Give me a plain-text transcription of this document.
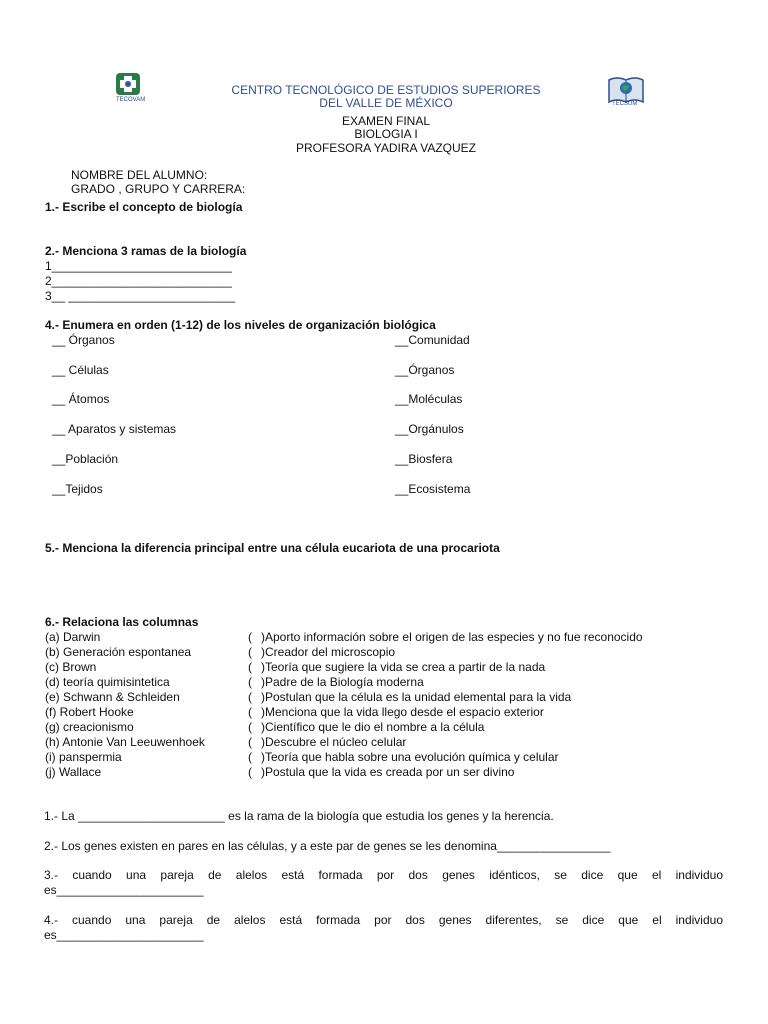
TECOVAM
TECSUM
CENTRO TECNOLÓGICO DE ESTUDIOS SUPERIORES
DEL VALLE DE MÉXICO
EXAMEN FINAL
BIOLOGIA I
PROFESORA YADIRA VAZQUEZ
NOMBRE DEL ALUMNO:
GRADO , GRUPO Y CARRERA:
1.- Escribe el concepto de biología
2.- Menciona 3 ramas de la biología
1___________________________
2___________________________
3__ _________________________
4.- Enumera en orden (1-12) de los niveles de organización biológica
__ Órganos
__ Células
__ Átomos
__ Aparatos y sistemas
__Población
__Tejidos
__Comunidad
__Órganos
__Moléculas
__Orgánulos
__Biosfera
__Ecosistema
5.- Menciona la diferencia principal entre una célula eucariota de una procariota
6.- Relaciona las columnas
(a) Darwin
(b) Generación espontanea
(c) Brown
(d) teoría quimisintetica
(e) Schwann & Schleiden
(f) Robert Hooke
(g) creacionismo
(h) Antonie Van Leeuwenhoek
(i) panspermia
(j) Wallace
(
(
(
(
(
(
(
(
(
(
)Aporto información sobre el origen de las especies y no fue reconocido
)Creador del microscopio
)Teoría que sugiere la vida se crea a partir de la nada
)Padre de la Biología moderna
)Postulan que la célula es la unidad elemental para la vida
)Menciona que la vida llego desde el espacio exterior
)Científico que le dio el nombre a la célula
)Descubre el núcleo celular
)Teoría que habla sobre una evolución química y celular
)Postula que la vida es creada por un ser divino
1.- La ______________________ es la rama de la biología que estudia los genes y la herencia.
2.- Los genes existen en pares en las células, y a este par de genes se les denomina_________________
3.- cuando una pareja de alelos está formada por dos genes idénticos, se dice que el individuo
es______________________
4.- cuando una pareja de alelos está formada por dos genes diferentes, se dice que el individuo
es______________________
